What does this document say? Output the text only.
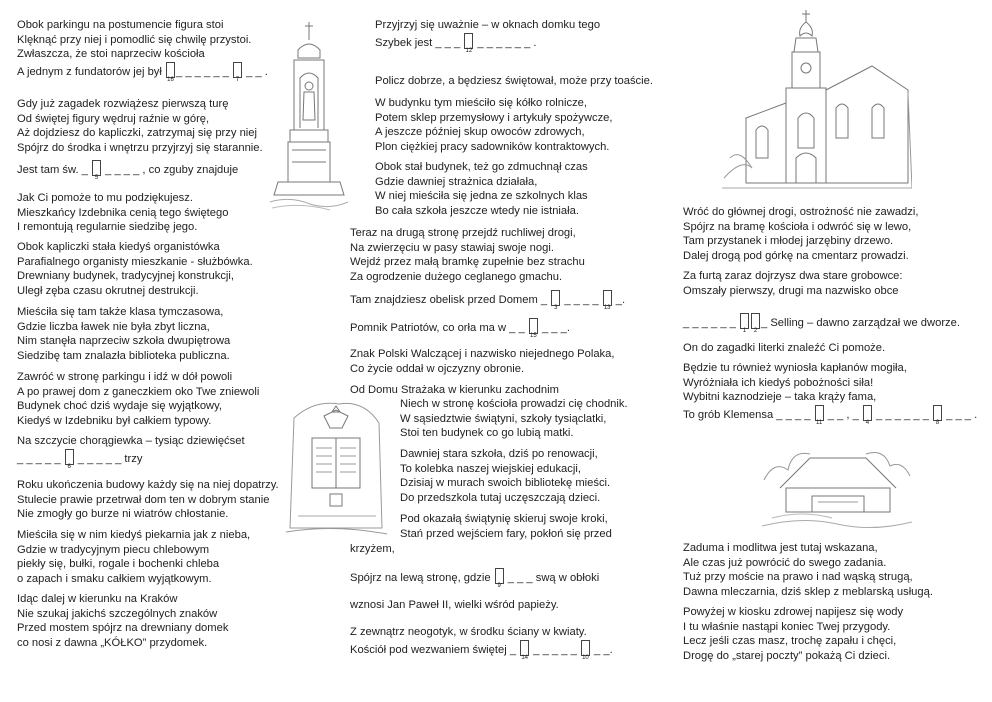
Obok parkingu na postumencie figura stoi
Klęknąć przy niej i pomodlić się chwilę przystoi.
Zwłaszcza, że stoi naprzeciw kościoła
A jednym z fundatorów jej był
16
_ _ _ _ _ _
7
_ _ .
Gdy już zagadek rozwiążesz pierwszą turę
Od świętej figury wędruj raźnie w górę,
Aż dojdziesz do kapliczki, zatrzymaj się przy niej
Spójrz do środka i wnętrzu przyjrzyj się starannie.
Jest tam św. _
5
_ _ _ _ , co zguby znajduje
Jak Ci pomoże to mu podziękujesz.
Mieszkańcy Izdebnika cenią tego świętego
I remontują regularnie siedzibę jego.
Obok kapliczki stała kiedyś organistówka
Parafialnego organisty mieszkanie - służbówka.
Drewniany budynek, tradycyjnej konstrukcji,
Uległ zęba czasu okrutnej destrukcji.
Mieściła się tam także klasa tymczasowa,
Gdzie liczba ławek nie była zbyt liczna,
Nim stanęła naprzeciw szkoła dwupiętrowa
Siedzibę tam znalazła biblioteka publiczna.
Zawróć w stronę parkingu i idź w dół powoli
A po prawej dom z ganeczkiem oko Twe zniewoli
Budynek choć dziś wydaje się wyjątkowy,
Kiedyś w Izdebniku był całkiem typowy.
Na szczycie chorągiewka – tysiąc dziewięćset
_ _ _ _ _
6
_ _ _ _ _ trzy
Roku ukończenia budowy każdy się na niej dopatrzy.
Stulecie prawie przetrwał dom ten w dobrym stanie
Nie zmogły go burze ni wiatrów chłostanie.
Mieściła się w nim kiedyś piekarnia jak z nieba,
Gdzie w tradycyjnym piecu chlebowym
piekły się, bułki, rogale i bochenki chleba
o zapach i smaku całkiem wyjątkowym.
Idąc dalej w kierunku na Kraków
Nie szukaj jakichś szczególnych znaków
Przed mostem spójrz na drewniany domek
co nosi z dawna „KÓŁKO” przydomek.
Przyjrzyj się uważnie – w oknach domku tego
Szybek jest _ _ _
12
_ _ _ _ _ _ .
Policz dobrze, a będziesz świętował, może przy toaście.
W budynku tym mieściło się kółko rolnicze,
Potem sklep przemysłowy i artykuły spożywcze,
A jeszcze później skup owoców zdrowych,
Plon ciężkiej pracy sadowników kontraktowych.
Obok stał budynek, też go zdmuchnął czas
Gdzie dawniej strażnica działała,
W niej mieściła się jedna ze szkolnych klas
Bo cała szkoła jeszcze wtedy nie istniała.
Teraz na drugą stronę przejdź ruchliwej drogi,
Na zwierzęciu w pasy stawiaj swoje nogi.
Wejdź przez małą bramkę zupełnie bez strachu
Za ogrodzenie dużego ceglanego gmachu.
Tam znajdziesz obelisk przed Domem _
3
_ _ _ _
13
_.
Pomnik Patriotów, co orła ma w _ _
15
_ _ _.
Znak Polski Walczącej i nazwisko niejednego Polaka,
Co życie oddał w ojczyzny obronie.
Od Domu Strażaka w kierunku zachodnim
Niech w stronę kościoła prowadzi cię chodnik.
W sąsiedztwie świątyni, szkoły tysiąclatki,
Stoi ten budynek co go lubią matki.
Dawniej stara szkoła, dziś po renowacji,
To kolebka naszej wiejskiej edukacji,
Dzisiaj w murach swoich bibliotekę mieści.
Do przedszkola tutaj uczęszczają dzieci.
Pod okazałą świątynię skieruj swoje kroki,
Stań przed wejściem fary, pokłoń się przed
krzyżem,
Spójrz na lewą stronę, gdzie
9
_ _ _ swą w obłoki
wznosi Jan Paweł II, wielki wśród papieży.
Z zewnątrz neogotyk, w środku ściany w kwiaty.
Kościół pod wezwaniem świętej _
14
_ _ _ _ _
10
_ _.
Wróć do głównej drogi, ostrożność nie zawadzi,
Spójrz na bramę kościoła i odwróć się w lewo,
Tam przystanek i młodej jarzębiny drzewo.
Dalej drogą pod górkę na cmentarz prowadzi.
Za furtą zaraz dojrzysz dwa stare grobowce:
Omszały pierwszy, drugi ma nazwisko obce
_ _ _ _ _ _
1	2
_ Selling – dawno zarządzał we dworze.
On do zagadki literki znaleźć Ci pomoże.
Będzie tu również wyniosła kapłanów mogiła,
Wyróżniała ich kiedyś pobożności siła!
Wybitni kaznodzieje – taka krąży fama,
To grób Klemensa _ _ _ _
11
_ _ , _
4
_ _ _ _ _ _
8
_ _ _ .
Zaduma i modlitwa jest tutaj wskazana,
Ale czas już powrócić do swego zadania.
Tuż przy moście na prawo i nad wąską strugą,
Dawna mleczarnia, dziś sklep z meblarską usługą.
Powyżej w kiosku zdrowej napijesz się wody
I tu właśnie nastąpi koniec Twej przygody.
Lecz jeśli czas masz, trochę zapału i chęci,
Drogę do „starej poczty” pokażą Ci dzieci.
